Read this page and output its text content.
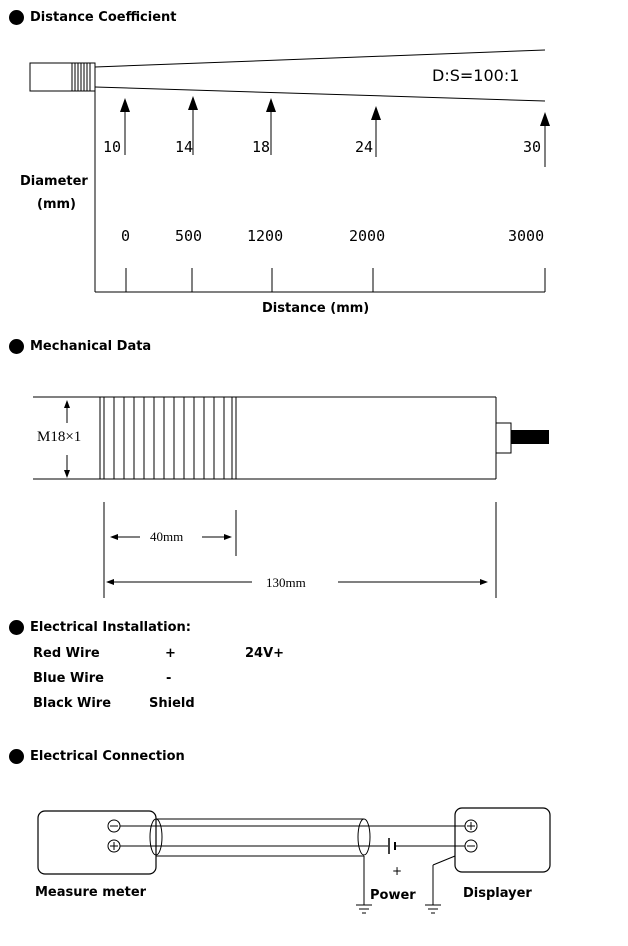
Distance Coefficient
D:S=100:1
10	14	18	24	30
Diameter
(mm)
0	500	1200	2000	3000
Distance (mm)
Mechanical Data
M18×1
40mm
130mm
Electrical Installation:
Red Wire	+	24V+
Blue Wire	-
Black Wire	Shield
Electrical Connection
+
Measure meter	Power	Displayer
